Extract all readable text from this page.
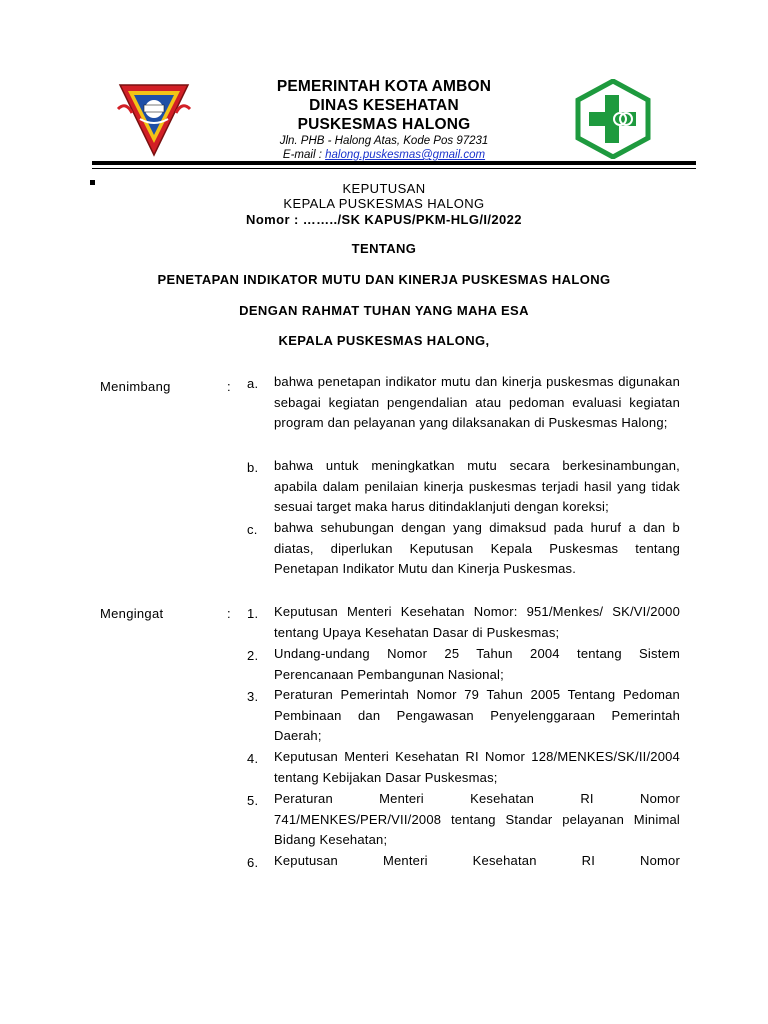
PEMERINTAH KOTA AMBON
DINAS KESEHATAN
PUSKESMAS HALONG
Jln. PHB - Halong Atas, Kode Pos 97231
E-mail : halong.puskesmas@gmail.com
KEPUTUSAN
KEPALA PUSKESMAS HALONG
Nomor : ……../SK KAPUS/PKM-HLG/I/2022
TENTANG
PENETAPAN INDIKATOR MUTU DAN KINERJA PUSKESMAS HALONG
DENGAN RAHMAT TUHAN YANG MAHA ESA
KEPALA PUSKESMAS HALONG,
Menimbang	: a. bahwa penetapan indikator mutu dan kinerja puskesmas digunakan sebagai kegiatan pengendalian atau pedoman evaluasi kegiatan program dan pelayanan yang dilaksanakan di Puskesmas Halong;
b. bahwa untuk meningkatkan mutu secara berkesinambungan, apabila dalam penilaian kinerja puskesmas terjadi hasil yang tidak sesuai target maka harus ditindaklanjuti dengan koreksi;
c. bahwa sehubungan dengan yang dimaksud pada huruf a dan b diatas, diperlukan Keputusan Kepala Puskesmas tentang Penetapan Indikator Mutu dan Kinerja Puskesmas.
Mengingat	: 1. Keputusan Menteri Kesehatan Nomor: 951/Menkes/ SK/VI/2000 tentang Upaya Kesehatan Dasar di Puskesmas;
2. Undang-undang Nomor 25 Tahun 2004 tentang Sistem Perencanaan Pembangunan Nasional;
3. Peraturan Pemerintah Nomor 79 Tahun 2005 Tentang Pedoman Pembinaan dan Pengawasan Penyelenggaraan Pemerintah Daerah;
4. Keputusan Menteri Kesehatan RI Nomor 128/MENKES/SK/II/2004 tentang Kebijakan Dasar Puskesmas;
5. Peraturan Menteri Kesehatan RI Nomor 741/MENKES/PER/VII/2008 tentang Standar pelayanan Minimal Bidang Kesehatan;
6. Keputusan Menteri Kesehatan RI Nomor
